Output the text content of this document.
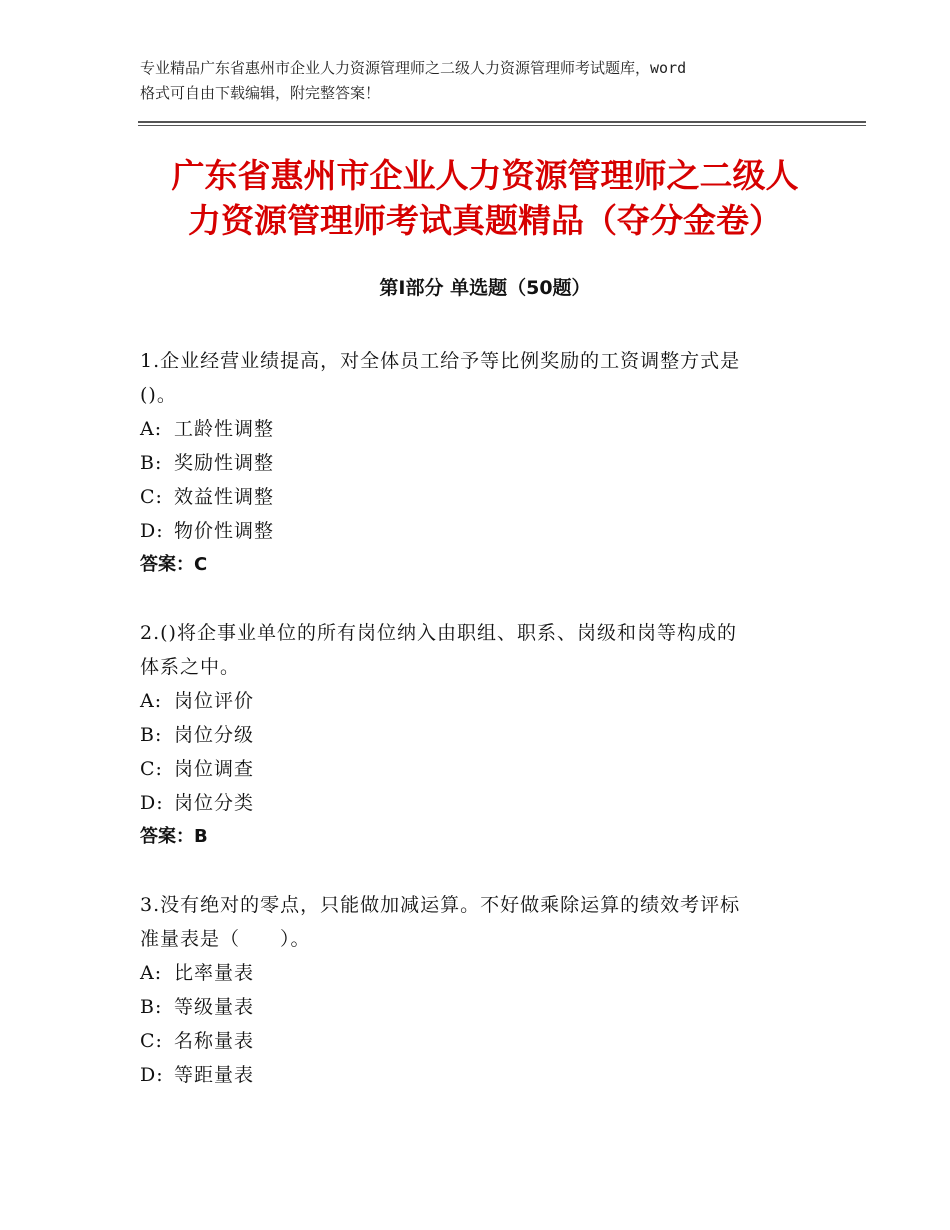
专业精品广东省惠州市企业人力资源管理师之二级人力资源管理师考试题库，word

格式可自由下载编辑，附完整答案！

广东省惠州市企业人力资源管理师之二级人
力资源管理师考试真题精品（夺分金卷）
第Ⅰ部分 单选题（50题）
1.企业经营业绩提高，对全体员工给予等比例奖励的工资调整方式是
()。
A: 工龄性调整
B: 奖励性调整
C: 效益性调整
D: 物价性调整
答案：C
2.()将企事业单位的所有岗位纳入由职组、职系、岗级和岗等构成的
体系之中。
A: 岗位评价
B: 岗位分级
C: 岗位调查
D: 岗位分类
答案：B
3.没有绝对的零点，只能做加减运算。不好做乘除运算的绩效考评标
准量表是（　　）。
A: 比率量表
B: 等级量表
C: 名称量表
D: 等距量表
